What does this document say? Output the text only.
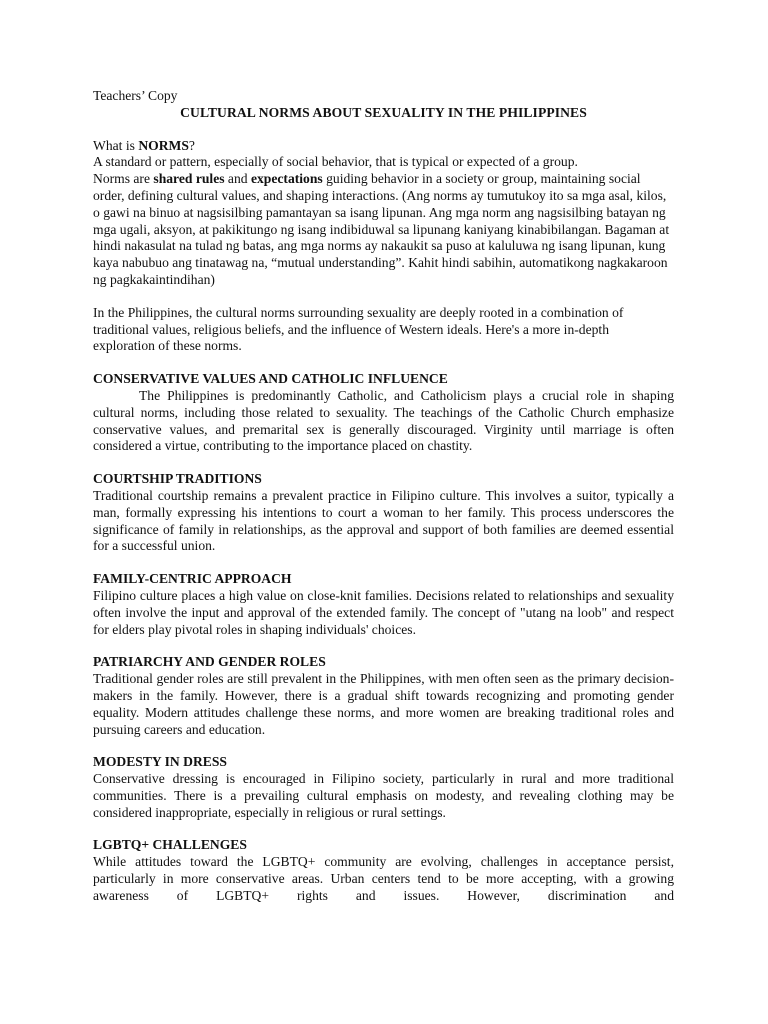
Teachers’ Copy

CULTURAL NORMS ABOUT SEXUALITY IN THE PHILIPPINES

What is NORMS?

A standard or pattern, especially of social behavior, that is typical or expected of a group.

Norms are shared rules and expectations guiding behavior in a society or group, maintaining social order, defining cultural values, and shaping interactions. (Ang norms ay tumutukoy ito sa mga asal, kilos, o gawi na binuo at nagsisilbing pamantayan sa isang lipunan. Ang mga norm ang nagsisilbing batayan ng mga ugali, aksyon, at pakikitungo ng isang indibiduwal sa lipunang kaniyang kinabibilangan. Bagaman at hindi nakasulat na tulad ng batas, ang mga norms ay nakaukit sa puso at kaluluwa ng isang lipunan, kung kaya nabubuo ang tinatawag na, “mutual understanding”. Kahit hindi sabihin, automatikong nagkakaroon ng pagkakaintindihan)

In the Philippines, the cultural norms surrounding sexuality are deeply rooted in a combination of traditional values, religious beliefs, and the influence of Western ideals. Here's a more in-depth exploration of these norms.

CONSERVATIVE VALUES AND CATHOLIC INFLUENCE

The Philippines is predominantly Catholic, and Catholicism plays a crucial role in shaping cultural norms, including those related to sexuality. The teachings of the Catholic Church emphasize conservative values, and premarital sex is generally discouraged. Virginity until marriage is often considered a virtue, contributing to the importance placed on chastity.

COURTSHIP TRADITIONS

Traditional courtship remains a prevalent practice in Filipino culture. This involves a suitor, typically a man, formally expressing his intentions to court a woman to her family. This process underscores the significance of family in relationships, as the approval and support of both families are deemed essential for a successful union.

FAMILY-CENTRIC APPROACH

Filipino culture places a high value on close-knit families. Decisions related to relationships and sexuality often involve the input and approval of the extended family. The concept of "utang na loob" and respect for elders play pivotal roles in shaping individuals' choices.

PATRIARCHY AND GENDER ROLES

Traditional gender roles are still prevalent in the Philippines, with men often seen as the primary decision-makers in the family. However, there is a gradual shift towards recognizing and promoting gender equality. Modern attitudes challenge these norms, and more women are breaking traditional roles and pursuing careers and education.

MODESTY IN DRESS

Conservative dressing is encouraged in Filipino society, particularly in rural and more traditional communities. There is a prevailing cultural emphasis on modesty, and revealing clothing may be considered inappropriate, especially in religious or rural settings.

LGBTQ+ CHALLENGES

While attitudes toward the LGBTQ+ community are evolving, challenges in acceptance persist, particularly in more conservative areas. Urban centers tend to be more accepting, with a growing awareness of LGBTQ+ rights and issues. However, discrimination and
